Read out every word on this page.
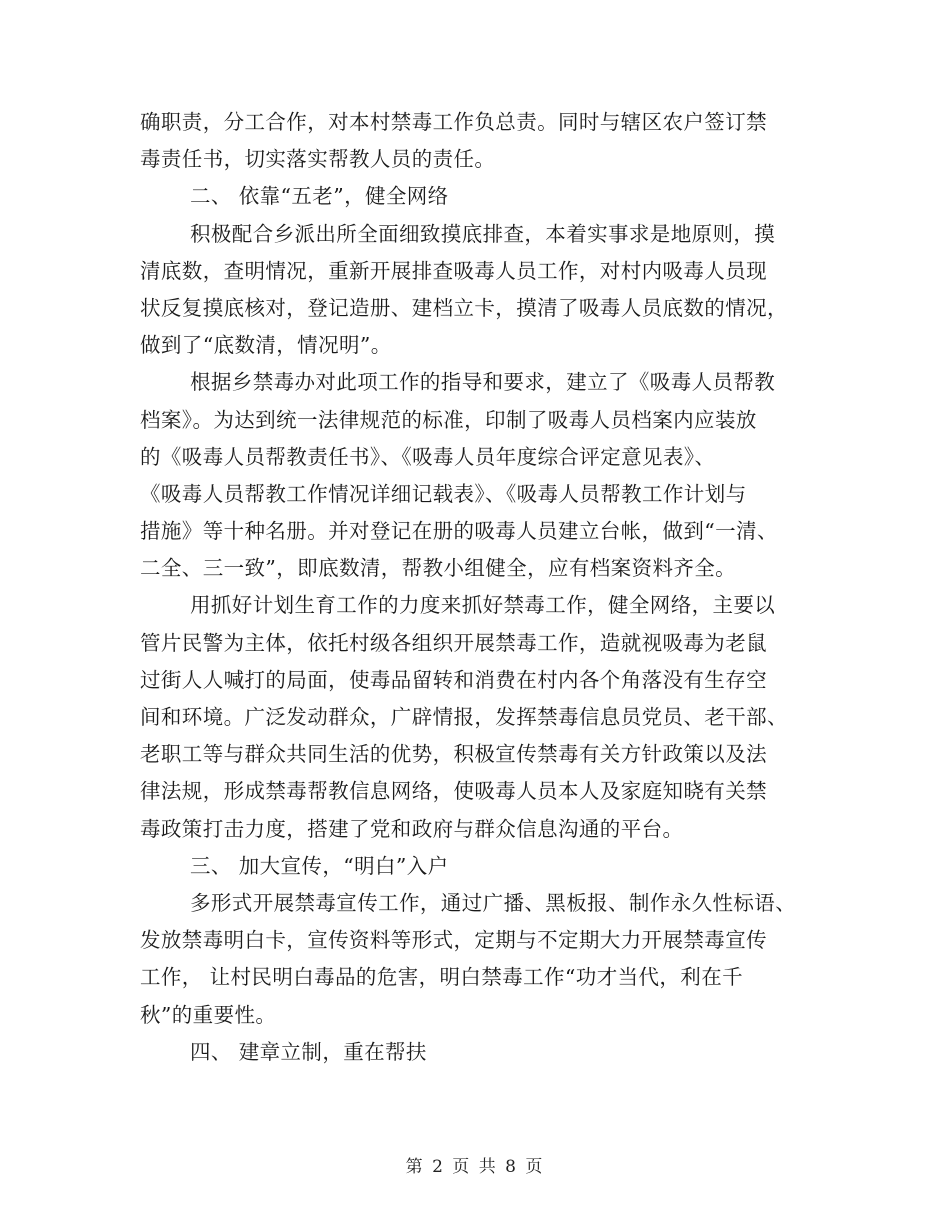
确职责，分工合作，对本村禁毒工作负总责。同时与辖区农户签订禁
毒责任书，切实落实帮教人员的责任。
二、 依靠“五老”，健全网络
积极配合乡派出所全面细致摸底排查，本着实事求是地原则，摸
清底数，查明情况，重新开展排查吸毒人员工作，对村内吸毒人员现
状反复摸底核对，登记造册、建档立卡，摸清了吸毒人员底数的情况，
做到了“底数清，情况明”。
根据乡禁毒办对此项工作的指导和要求，建立了《吸毒人员帮教
档案》。为达到统一法律规范的标准，印制了吸毒人员档案内应装放
的《吸毒人员帮教责任书》、《吸毒人员年度综合评定意见表》、
《吸毒人员帮教工作情况详细记载表》、《吸毒人员帮教工作计划与
措施》等十种名册。并对登记在册的吸毒人员建立台帐，做到“一清、
二全、三一致”，即底数清，帮教小组健全，应有档案资料齐全。
用抓好计划生育工作的力度来抓好禁毒工作，健全网络，主要以
管片民警为主体，依托村级各组织开展禁毒工作，造就视吸毒为老鼠
过街人人喊打的局面，使毒品留转和消费在村内各个角落没有生存空
间和环境。广泛发动群众，广辟情报，发挥禁毒信息员党员、老干部、
老职工等与群众共同生活的优势，积极宣传禁毒有关方针政策以及法
律法规，形成禁毒帮教信息网络，使吸毒人员本人及家庭知晓有关禁
毒政策打击力度，搭建了党和政府与群众信息沟通的平台。
三、 加大宣传，“明白”入户
多形式开展禁毒宣传工作，通过广播、黑板报、制作永久性标语、
发放禁毒明白卡，宣传资料等形式，定期与不定期大力开展禁毒宣传
工作， 让村民明白毒品的危害，明白禁毒工作“功才当代，利在千
秋”的重要性。
四、 建章立制，重在帮扶
第 2 页 共 8 页
